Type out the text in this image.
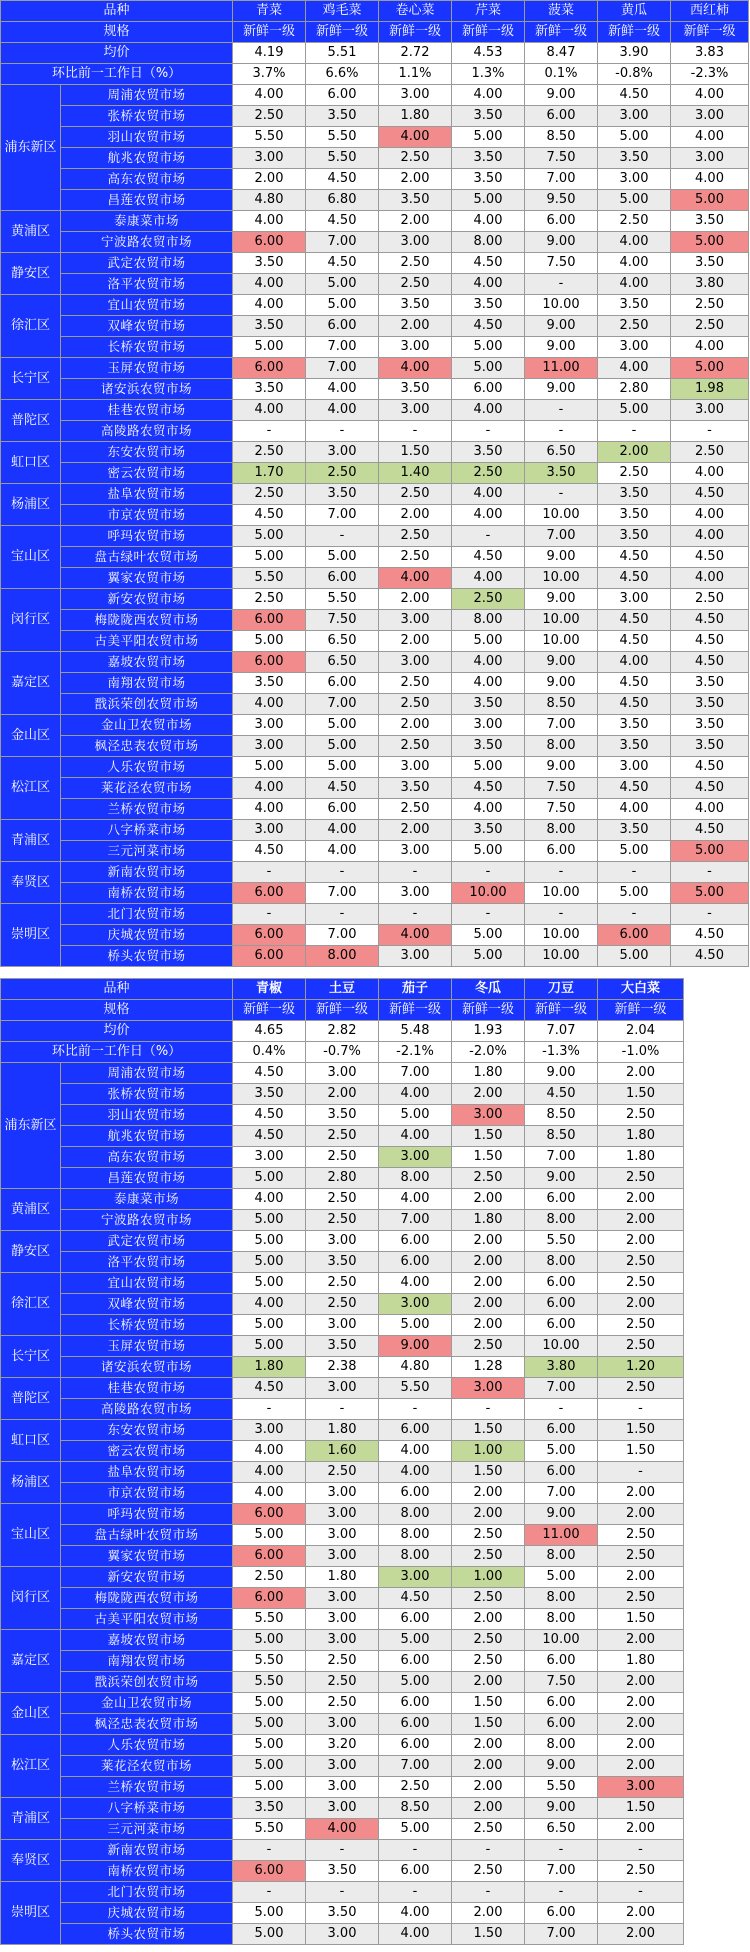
品种		青菜	鸡毛菜	卷心菜	芹菜	菠菜	黄瓜	西红柿
规格		新鲜一级	新鲜一级	新鲜一级	新鲜一级	新鲜一级	新鲜一级	新鲜一级
均价		4.19	5.51	2.72	4.53	8.47	3.90	3.83
环比前一工作日（%）		3.7%	6.6%	1.1%	1.3%	0.1%	-0.8%	-2.3%
浦东新区	周浦农贸市场	4.00	6.00	3.00	4.00	9.00	4.50	4.00
	张桥农贸市场	2.50	3.50	1.80	3.50	6.00	3.00	3.00
	羽山农贸市场	5.50	5.50	4.00	5.00	8.50	5.00	4.00
	航兆农贸市场	3.00	5.50	2.50	3.50	7.50	3.50	3.00
	高东农贸市场	2.00	4.50	2.00	3.50	7.00	3.00	4.00
	昌莲农贸市场	4.80	6.80	3.50	5.00	9.50	5.00	5.00
黄浦区	泰康菜市场	4.00	4.50	2.00	4.00	6.00	2.50	3.50
	宁波路农贸市场	6.00	7.00	3.00	8.00	9.00	4.00	5.00
静安区	武定农贸市场	3.50	4.50	2.50	4.50	7.50	4.00	3.50
	洛平农贸市场	4.00	5.00	2.50	4.00	-	4.00	3.80
徐汇区	宜山农贸市场	4.00	5.00	3.50	3.50	10.00	3.50	2.50
	双峰农贸市场	3.50	6.00	2.00	4.50	9.00	2.50	2.50
	长桥农贸市场	5.00	7.00	3.00	5.00	9.00	3.00	4.00
长宁区	玉屏农贸市场	6.00	7.00	4.00	5.00	11.00	4.00	5.00
	诸安浜农贸市场	3.50	4.00	3.50	6.00	9.00	2.80	1.98
普陀区	桂巷农贸市场	4.00	4.00	3.00	4.00	-	5.00	3.00
	高陵路农贸市场	-	-	-	-	-	-	-
虹口区	东安农贸市场	2.50	3.00	1.50	3.50	6.50	2.00	2.50
	密云农贸市场	1.70	2.50	1.40	2.50	3.50	2.50	4.00
杨浦区	盐阜农贸市场	2.50	3.50	2.50	4.00	-	3.50	4.50
	市京农贸市场	4.50	7.00	2.00	4.00	10.00	3.50	4.00
宝山区	呼玛农贸市场	5.00	-	2.50	-	7.00	3.50	4.00
	盘古绿叶农贸市场	5.00	5.00	2.50	4.50	9.00	4.50	4.50
	翼家农贸市场	5.50	6.00	4.00	4.00	10.00	4.50	4.00
闵行区	新安农贸市场	2.50	5.50	2.00	2.50	9.00	3.00	2.50
	梅陇陇西农贸市场	6.00	7.50	3.00	8.00	10.00	4.50	4.50
	古美平阳农贸市场	5.00	6.50	2.00	5.00	10.00	4.50	4.50
嘉定区	嘉坡农贸市场	6.00	6.50	3.00	4.00	9.00	4.00	4.50
	南翔农贸市场	3.50	6.00	2.50	4.00	9.00	4.50	3.50
	戬浜荣创农贸市场	4.00	7.00	2.50	3.50	8.50	4.50	3.50
金山区	金山卫农贸市场	3.00	5.00	2.00	3.00	7.00	3.50	3.50
	枫泾忠表农贸市场	3.00	5.00	2.50	3.50	8.00	3.50	3.50
松江区	人乐农贸市场	5.00	5.00	3.00	5.00	9.00	3.00	4.50
	莱花泾农贸市场	4.00	4.50	3.50	4.50	7.50	4.50	4.50
	兰桥农贸市场	4.00	6.00	2.50	4.00	7.50	4.00	4.00
青浦区	八字桥菜市场	3.00	4.00	2.00	3.50	8.00	3.50	4.50
	三元河菜市场	4.50	4.00	3.00	5.00	6.00	5.00	5.00
奉贤区	新南农贸市场	-	-	-	-	-	-	-
	南桥农贸市场	6.00	7.00	3.00	10.00	10.00	5.00	5.00
崇明区	北门农贸市场	-	-	-	-	-	-	-
	庆城农贸市场	6.00	7.00	4.00	5.00	10.00	6.00	4.50
	桥头农贸市场	6.00	8.00	3.00	5.00	10.00	5.00	4.50
品种		青椒	土豆	茄子	冬瓜	刀豆	大白菜
规格		新鲜一级	新鲜一级	新鲜一级	新鲜一级	新鲜一级	新鲜一级
均价		4.65	2.82	5.48	1.93	7.07	2.04
环比前一工作日（%）		0.4%	-0.7%	-2.1%	-2.0%	-1.3%	-1.0%
浦东新区	周浦农贸市场	4.50	3.00	7.00	1.80	9.00	2.00
	张桥农贸市场	3.50	2.00	4.00	2.00	4.50	1.50
	羽山农贸市场	4.50	3.50	5.00	3.00	8.50	2.50
	航兆农贸市场	4.50	2.50	4.00	1.50	8.50	1.80
	高东农贸市场	3.00	2.50	3.00	1.50	7.00	1.80
	昌莲农贸市场	5.00	2.80	8.00	2.50	9.00	2.50
黄浦区	泰康菜市场	4.00	2.50	4.00	2.00	6.00	2.00
	宁波路农贸市场	5.00	2.50	7.00	1.80	8.00	2.00
静安区	武定农贸市场	5.00	3.00	6.00	2.00	5.50	2.00
	洛平农贸市场	5.00	3.50	6.00	2.00	8.00	2.50
徐汇区	宜山农贸市场	5.00	2.50	4.00	2.00	6.00	2.50
	双峰农贸市场	4.00	2.50	3.00	2.00	6.00	2.00
	长桥农贸市场	5.00	3.00	5.00	2.00	6.00	2.50
长宁区	玉屏农贸市场	5.00	3.50	9.00	2.50	10.00	2.50
	诸安浜农贸市场	1.80	2.38	4.80	1.28	3.80	1.20
普陀区	桂巷农贸市场	4.50	3.00	5.50	3.00	7.00	2.50
	高陵路农贸市场	-	-	-	-	-	-
虹口区	东安农贸市场	3.00	1.80	6.00	1.50	6.00	1.50
	密云农贸市场	4.00	1.60	4.00	1.00	5.00	1.50
杨浦区	盐阜农贸市场	4.00	2.50	4.00	1.50	6.00	-
	市京农贸市场	4.00	3.00	6.00	2.00	7.00	2.00
宝山区	呼玛农贸市场	6.00	3.00	8.00	2.00	9.00	2.00
	盘古绿叶农贸市场	5.00	3.00	8.00	2.50	11.00	2.50
	翼家农贸市场	6.00	3.00	8.00	2.50	8.00	2.50
闵行区	新安农贸市场	2.50	1.80	3.00	1.00	5.00	2.00
	梅陇陇西农贸市场	6.00	3.00	4.50	2.50	8.00	2.50
	古美平阳农贸市场	5.50	3.00	6.00	2.00	8.00	1.50
嘉定区	嘉坡农贸市场	5.00	3.00	5.00	2.50	10.00	2.00
	南翔农贸市场	5.50	2.50	6.00	2.50	6.00	1.80
	戬浜荣创农贸市场	5.50	2.50	5.00	2.00	7.50	2.00
金山区	金山卫农贸市场	5.00	2.50	6.00	1.50	6.00	2.00
	枫泾忠表农贸市场	5.00	3.00	6.00	1.50	6.00	2.00
松江区	人乐农贸市场	5.00	3.20	6.00	2.00	8.00	2.00
	莱花泾农贸市场	5.00	3.00	7.00	2.00	9.00	2.00
	兰桥农贸市场	5.00	3.00	2.50	2.00	5.50	3.00
青浦区	八字桥菜市场	3.50	3.00	8.50	2.00	9.00	1.50
	三元河菜市场	5.50	4.00	5.00	2.50	6.50	2.00
奉贤区	新南农贸市场	-	-	-	-	-	-
	南桥农贸市场	6.00	3.50	6.00	2.50	7.00	2.50
崇明区	北门农贸市场	-	-	-	-	-	-
	庆城农贸市场	5.00	3.50	4.00	2.00	6.00	2.00
	桥头农贸市场	5.00	3.00	4.00	1.50	7.00	2.00
